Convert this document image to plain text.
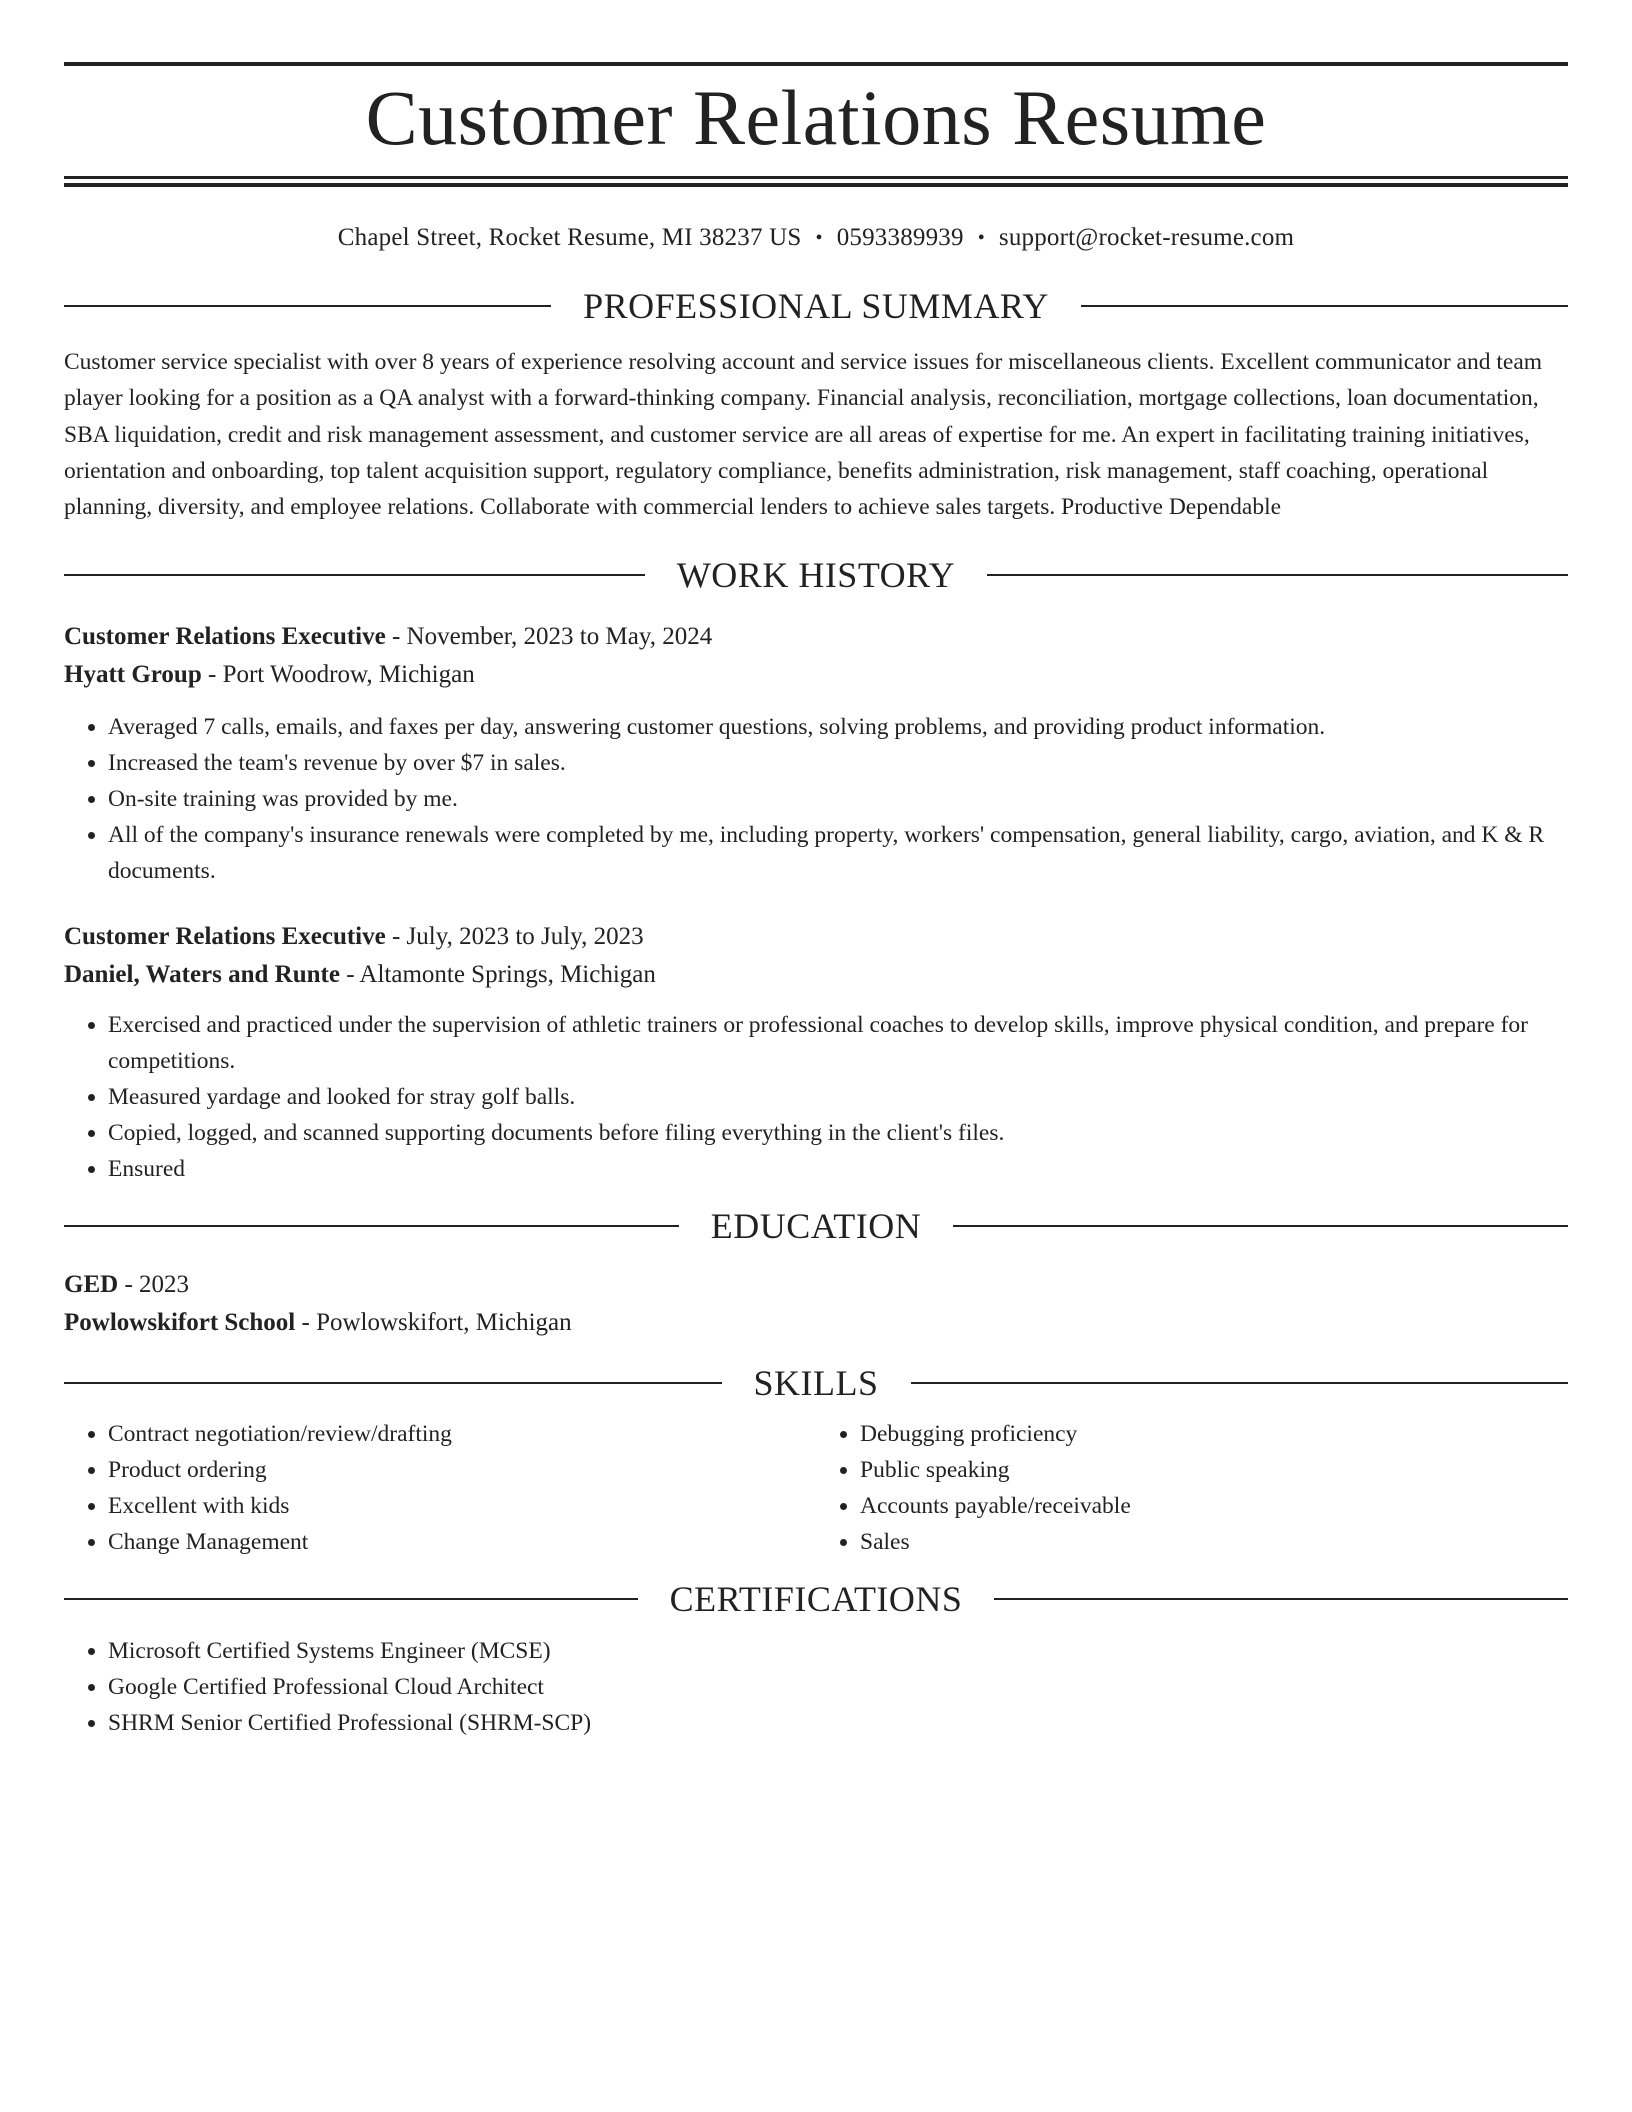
Customer Relations Resume
Chapel Street, Rocket Resume, MI 38237 US • 0593389939 • support@rocket-resume.com
PROFESSIONAL SUMMARY

Customer service specialist with over 8 years of experience resolving account and service issues for miscellaneous clients. Excellent communicator and team player looking for a position as a QA analyst with a forward-thinking company. Financial analysis, reconciliation, mortgage collections, loan documentation, SBA liquidation, credit and risk management assessment, and customer service are all areas of expertise for me. An expert in facilitating training initiatives, orientation and onboarding, top talent acquisition support, regulatory compliance, benefits administration, risk management, staff coaching, operational planning, diversity, and employee relations. Collaborate with commercial lenders to achieve sales targets. Productive Dependable

WORK HISTORY
Customer Relations Executive - November, 2023 to May, 2024
Hyatt Group - Port Woodrow, Michigan
• Averaged 7 calls, emails, and faxes per day, answering customer questions, solving problems, and providing product information.
• Increased the team's revenue by over $7 in sales.
• On-site training was provided by me.
• All of the company's insurance renewals were completed by me, including property, workers' compensation, general liability, cargo, aviation, and K & R documents.
Customer Relations Executive - July, 2023 to July, 2023
Daniel, Waters and Runte - Altamonte Springs, Michigan
• Exercised and practiced under the supervision of athletic trainers or professional coaches to develop skills, improve physical condition, and prepare for competitions.
• Measured yardage and looked for stray golf balls.
• Copied, logged, and scanned supporting documents before filing everything in the client's files.
• Ensured
EDUCATION
GED - 2023
Powlowskifort School - Powlowskifort, Michigan
SKILLS
• Contract negotiation/review/drafting
• Product ordering
• Excellent with kids
• Change Management
• Debugging proficiency
• Public speaking
• Accounts payable/receivable
• Sales
CERTIFICATIONS
• Microsoft Certified Systems Engineer (MCSE)
• Google Certified Professional Cloud Architect
• SHRM Senior Certified Professional (SHRM-SCP)
